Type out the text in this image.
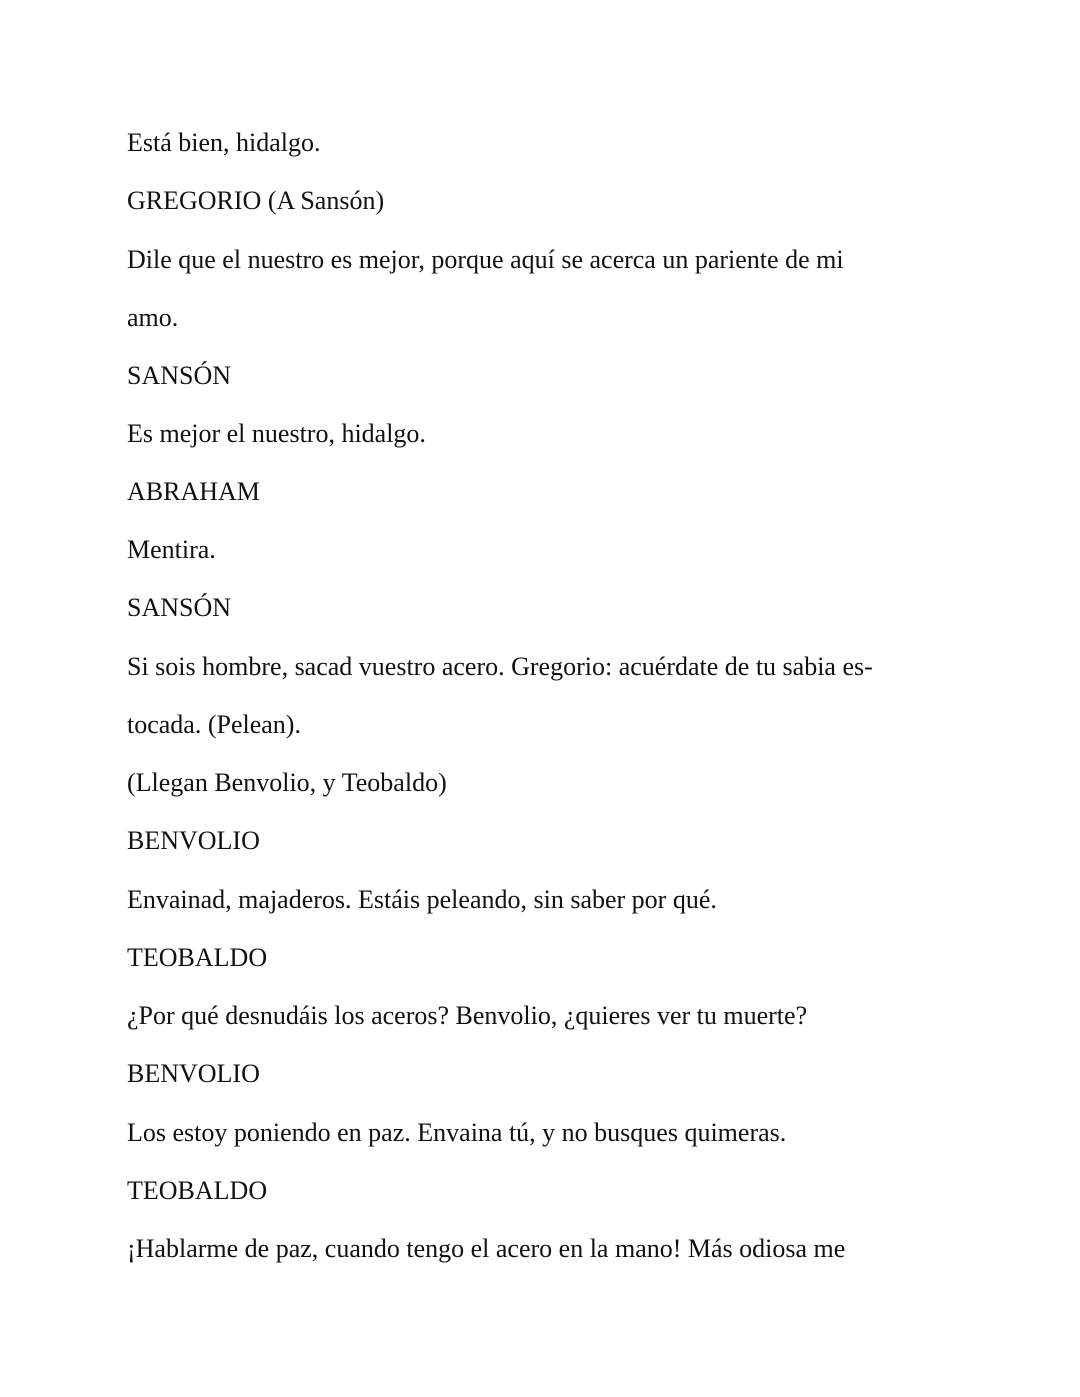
Está bien, hidalgo.
GREGORIO (A Sansón)
Dile que el nuestro es mejor, porque aquí se acerca un pariente de mi
amo.
SANSÓN
Es mejor el nuestro, hidalgo.
ABRAHAM
Mentira.
SANSÓN
Si sois hombre, sacad vuestro acero. Gregorio: acuérdate de tu sabia es-
tocada. (Pelean).
(Llegan Benvolio, y Teobaldo)
BENVOLIO
Envainad, majaderos. Estáis peleando, sin saber por qué.
TEOBALDO
¿Por qué desnudáis los aceros? Benvolio, ¿quieres ver tu muerte?
BENVOLIO
Los estoy poniendo en paz. Envaina tú, y no busques quimeras.
TEOBALDO
¡Hablarme de paz, cuando tengo el acero en la mano! Más odiosa me
